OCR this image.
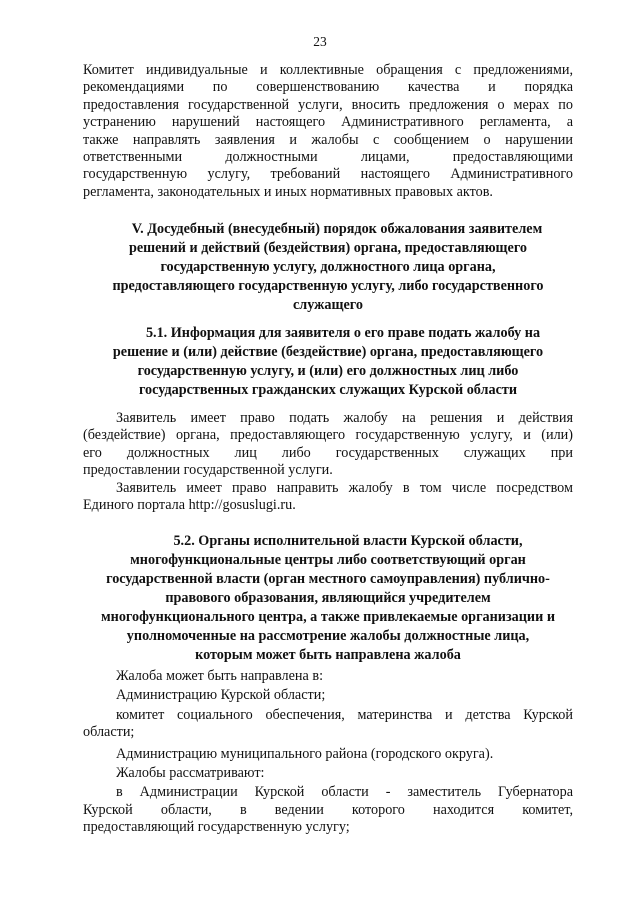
23
Комитет индивидуальные и коллективные обращения с предложениями,
рекомендациями по совершенствованию качества и порядка
предоставления государственной услуги, вносить предложения о мерах по
устранению нарушений настоящего Административного регламента, а
также направлять заявления и жалобы с сообщением о нарушении
ответственными должностными лицами, предоставляющими
государственную услугу, требований настоящего Административного
регламента, законодательных и иных нормативных правовых актов.
V. Досудебный (внесудебный) порядок обжалования заявителем
решений и действий (бездействия) органа, предоставляющего
государственную услугу, должностного лица органа,
предоставляющего государственную услугу, либо государственного
служащего
5.1. Информация для заявителя о его праве подать жалобу на
решение и (или) действие (бездействие) органа, предоставляющего
государственную услугу, и (или) его должностных лиц либо
государственных гражданских служащих Курской области
Заявитель имеет право подать жалобу на решения и действия
(бездействие) органа, предоставляющего государственную услугу, и (или)
его должностных лиц либо государственных служащих при
предоставлении государственной услуги.
Заявитель имеет право направить жалобу в том числе посредством
Единого портала http://gosuslugi.ru.
5.2. Органы исполнительной власти Курской области,
многофункциональные центры либо соответствующий орган
государственной власти (орган местного самоуправления) публично-
правового образования, являющийся учредителем
многофункционального центра, а также привлекаемые организации и
уполномоченные на рассмотрение жалобы должностные лица,
которым может быть направлена жалоба
Жалоба может быть направлена в:
Администрацию Курской области;
комитет социального обеспечения, материнства и детства Курской
области;
Администрацию муниципального района (городского округа).
Жалобы рассматривают:
в Администрации Курской области - заместитель Губернатора
Курской области, в ведении которого находится комитет,
предоставляющий государственную услугу;
